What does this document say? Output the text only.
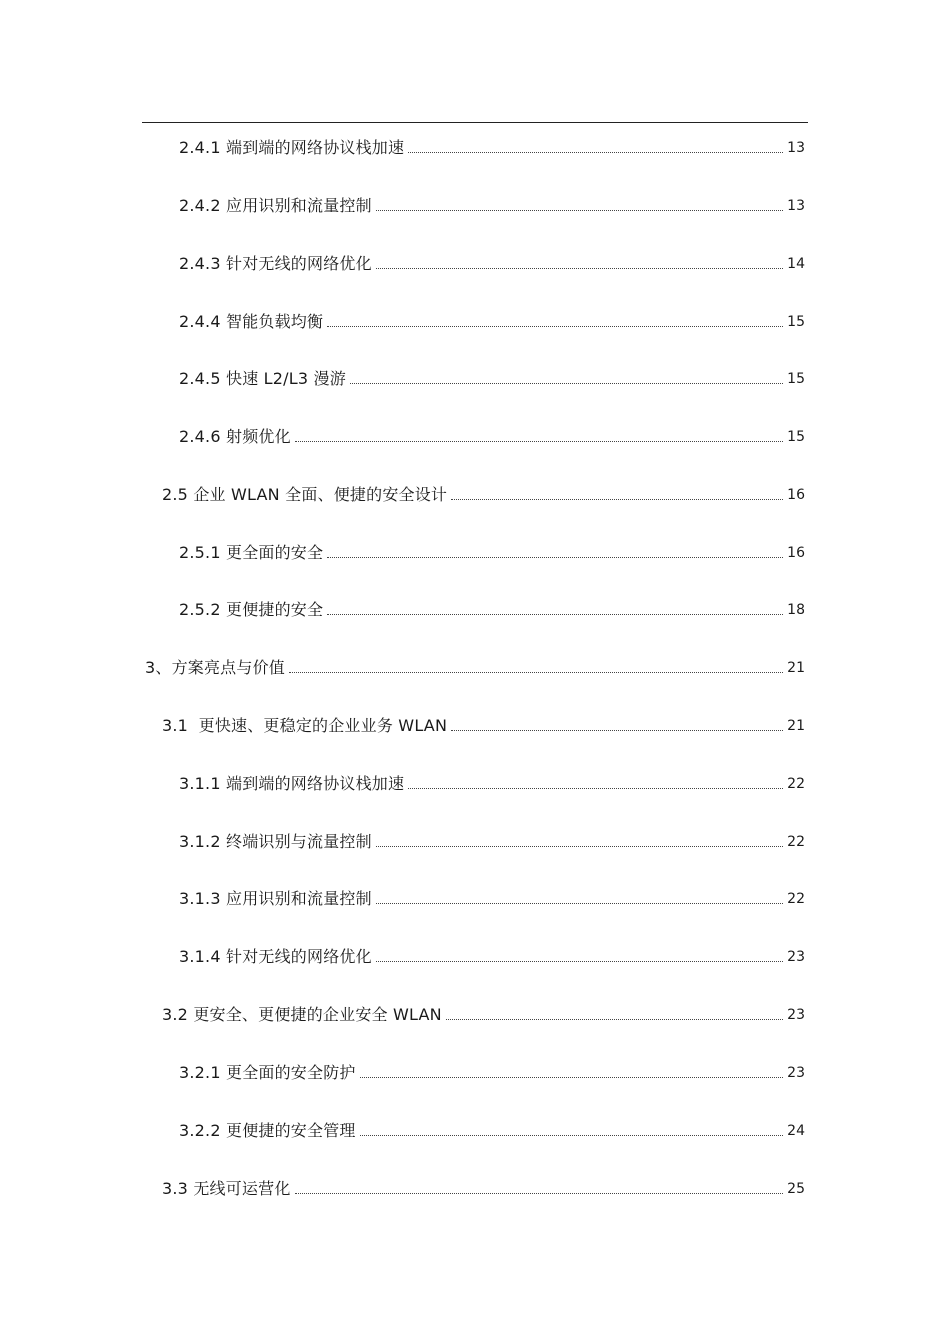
2.4.1 端到端的网络协议栈加速	13
2.4.2 应用识别和流量控制	13
2.4.3 针对无线的网络优化	14
2.4.4 智能负载均衡	15
2.4.5 快速 L2/L3 漫游	15
2.4.6 射频优化	15
2.5 企业 WLAN 全面、便捷的安全设计	16
2.5.1 更全面的安全	16
2.5.2 更便捷的安全	18
3、方案亮点与价值	21
3.1  更快速、更稳定的企业业务 WLAN	21
3.1.1 端到端的网络协议栈加速	22
3.1.2 终端识别与流量控制	22
3.1.3 应用识别和流量控制	22
3.1.4 针对无线的网络优化	23
3.2 更安全、更便捷的企业安全 WLAN	23
3.2.1 更全面的安全防护	23
3.2.2 更便捷的安全管理	24
3.3 无线可运营化	25
